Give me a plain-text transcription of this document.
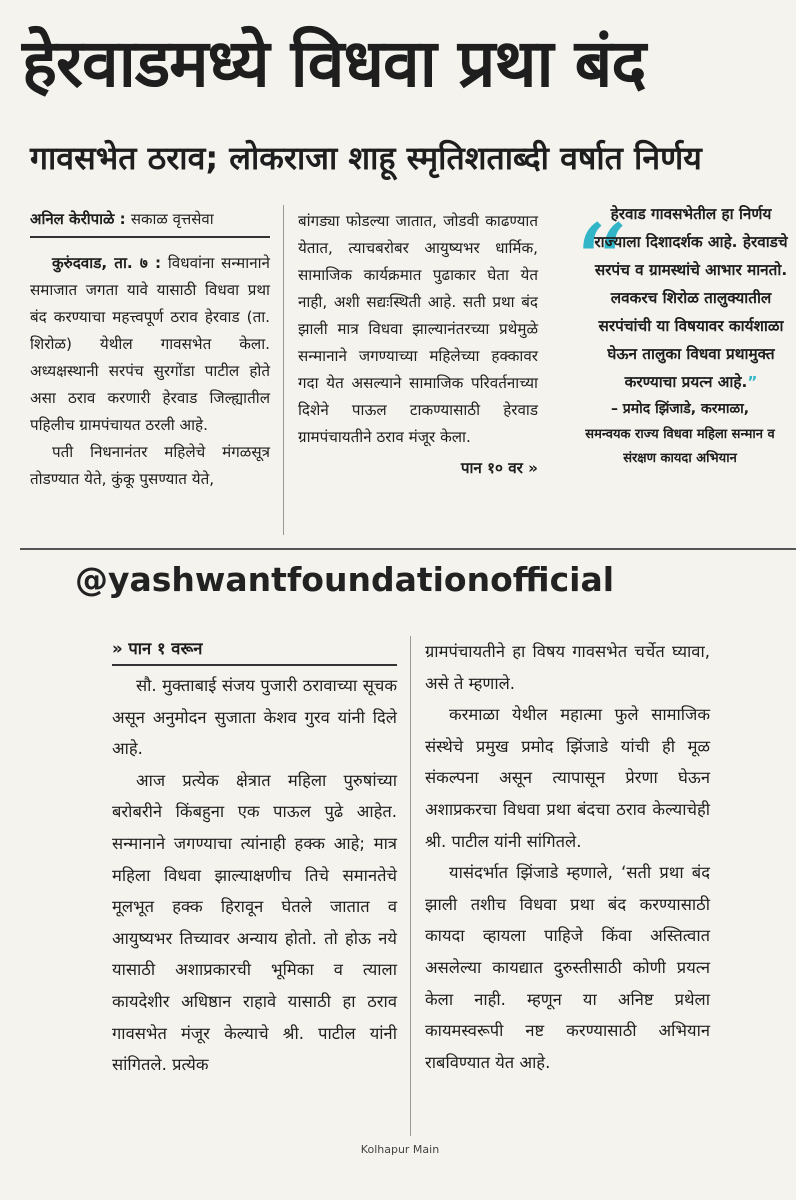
हेरवाडमध्ये विधवा प्रथा बंद
गावसभेत ठराव; लोकराजा शाहू स्मृतिशताब्दी वर्षात निर्णय
अनिल केरीपाळे : सकाळ वृत्तसेवा

कुरुंदवाड, ता. ७ : विधवांना सन्मानाने समाजात जगता यावे यासाठी विधवा प्रथा बंद करण्याचा महत्त्वपूर्ण ठराव हेरवाड (ता. शिरोळ) येथील गावसभेत केला. अध्यक्षस्थानी सरपंच सुरगोंडा पाटील होते असा ठराव करणारी हेरवाड जिल्ह्यातील पहिलीच ग्रामपंचायत ठरली आहे.

पती निधनानंतर महिलेचे मंगळसूत्र तोडण्यात येते, कुंकू पुसण्यात येते,

बांगड्या फोडल्या जातात, जोडवी काढण्यात येतात, त्याचबरोबर आयुष्यभर धार्मिक, सामाजिक कार्यक्रमात पुढाकार घेता येत नाही, अशी सद्यःस्थिती आहे. सती प्रथा बंद झाली मात्र विधवा झाल्यानंतरच्या प्रथेमुळे सन्मानाने जगण्याच्या महिलेच्या हक्कावर गदा येत असल्याने सामाजिक परिवर्तनाच्या दिशेने पाऊल टाकण्यासाठी हेरवाड ग्रामपंचायतीने ठराव मंजूर केला.

पान १० वर »

“
हेरवाड गावसभेतील हा निर्णय राज्याला दिशादर्शक आहे. हेरवाडचे सरपंच व ग्रामस्थांचे आभार मानतो. लवकरच शिरोळ तालुक्यातील सरपंचांची या विषयावर कार्यशाळा घेऊन तालुका विधवा प्रथामुक्त करण्याचा प्रयत्न आहे.”
– प्रमोद झिंजाडे, करमाळा,
समन्वयक राज्य विधवा महिला सन्मान व संरक्षण कायदा अभियान
@yashwantfoundationofficial
» पान १ वरून

सौ. मुक्ताबाई संजय पुजारी ठरावाच्या सूचक असून अनुमोदन सुजाता केशव गुरव यांनी दिले आहे.

आज प्रत्येक क्षेत्रात महिला पुरुषांच्या बरोबरीने किंबहुना एक पाऊल पुढे आहेत. सन्मानाने जगण्याचा त्यांनाही हक्क आहे; मात्र महिला विधवा झाल्याक्षणीच तिचे समानतेचे मूलभूत हक्क हिरावून घेतले जातात व आयुष्यभर तिच्यावर अन्याय होतो. तो होऊ नये यासाठी अशाप्रकारची भूमिका व त्याला कायदेशीर अधिष्ठान राहावे यासाठी हा ठराव गावसभेत मंजूर केल्याचे श्री. पाटील यांनी सांगितले. प्रत्येक

ग्रामपंचायतीने हा विषय गावसभेत चर्चेत घ्यावा, असे ते म्हणाले.

करमाळा येथील महात्मा फुले सामाजिक संस्थेचे प्रमुख प्रमोद झिंजाडे यांची ही मूळ संकल्पना असून त्यापासून प्रेरणा घेऊन अशाप्रकरचा विधवा प्रथा बंदचा ठराव केल्याचेही श्री. पाटील यांनी सांगितले.

यासंदर्भात झिंजाडे म्हणाले, ‘सती प्रथा बंद झाली तशीच विधवा प्रथा बंद करण्यासाठी कायदा व्हायला पाहिजे किंवा अस्तित्वात असलेल्या कायद्यात दुरुस्तीसाठी कोणी प्रयत्न केला नाही. म्हणून या अनिष्ट प्रथेला कायमस्वरूपी नष्ट करण्यासाठी अभियान राबविण्यात येत आहे.

Kolhapur Main
